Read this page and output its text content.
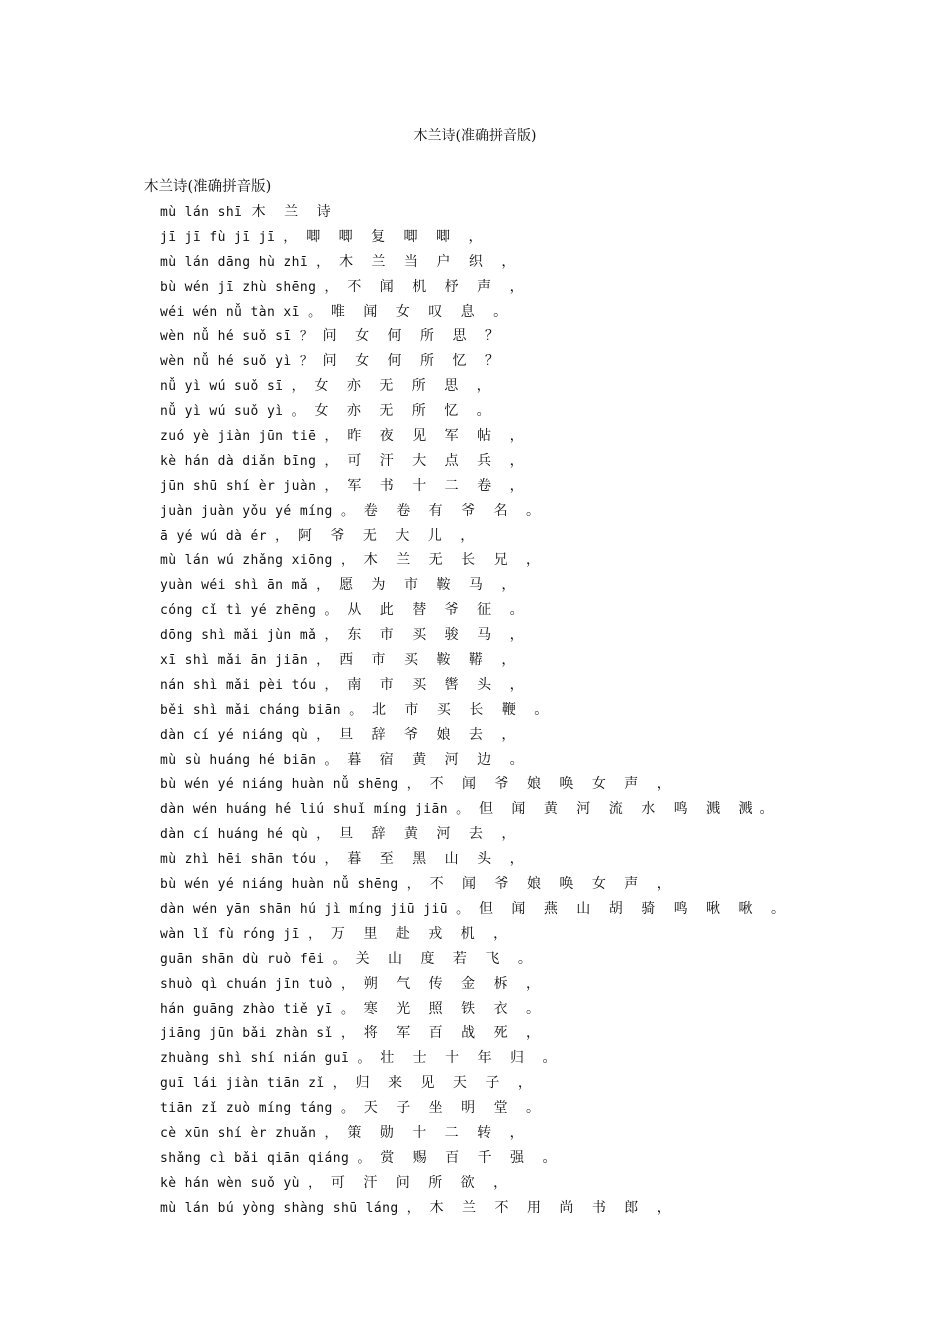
木兰诗(准确拼音版)
木兰诗(准确拼音版)
mù lán shī 木 兰 诗
jī jī fù jī jī ， 唧 唧 复 唧 唧 ，
mù lán dāng hù zhī ， 木 兰 当 户 织 ，
bù wén jī zhù shēng ， 不 闻 机 杼 声 ，
wéi wén nǚ tàn xī 。 唯 闻 女 叹 息 。
wèn nǚ hé suǒ sī ？ 问 女 何 所 思 ？
wèn nǚ hé suǒ yì ？ 问 女 何 所 忆 ？
nǚ yì wú suǒ sī ， 女 亦 无 所 思 ，
nǚ yì wú suǒ yì 。 女 亦 无 所 忆 。
zuó yè jiàn jūn tiē ， 昨 夜 见 军 帖 ，
kè hán dà diǎn bīng ， 可 汗 大 点 兵 ，
jūn shū shí èr juàn ， 军 书 十 二 卷 ，
juàn juàn yǒu yé míng 。 卷 卷 有 爷 名 。
ā yé wú dà ér ， 阿 爷 无 大 儿 ，
mù lán wú zhǎng xiōng ， 木 兰 无 长 兄 ，
yuàn wéi shì ān mǎ ， 愿 为 市 鞍 马 ，
cóng cǐ tì yé zhēng 。 从 此 替 爷 征 。
dōng shì mǎi jùn mǎ ， 东 市 买 骏 马 ，
xī shì mǎi ān jiān ， 西 市 买 鞍 鞯 ，
nán shì mǎi pèi tóu ， 南 市 买 辔 头 ，
běi shì mǎi cháng biān 。 北 市 买 长 鞭 。
dàn cí yé niáng qù ， 旦 辞 爷 娘 去 ，
mù sù huáng hé biān 。 暮 宿 黄 河 边 。
bù wén yé niáng huàn nǚ shēng ， 不 闻 爷 娘 唤 女 声 ，
dàn wén huáng hé liú shuǐ míng jiān 。 但 闻 黄 河 流 水 鸣 溅 溅。
dàn cí huáng hé qù ， 旦 辞 黄 河 去 ，
mù zhì hēi shān tóu ， 暮 至 黑 山 头 ，
bù wén yé niáng huàn nǚ shēng ， 不 闻 爷 娘 唤 女 声 ，
dàn wén yān shān hú jì míng jiū jiū 。 但 闻 燕 山 胡 骑 鸣 啾 啾 。
wàn lǐ fù róng jī ， 万 里 赴 戎 机 ，
guān shān dù ruò fēi 。 关 山 度 若 飞 。
shuò qì chuán jīn tuò ， 朔 气 传 金 柝 ，
hán guāng zhào tiě yī 。 寒 光 照 铁 衣 。
jiāng jūn bǎi zhàn sǐ ， 将 军 百 战 死 ，
zhuàng shì shí nián guī 。 壮 士 十 年 归 。
guī lái jiàn tiān zǐ ， 归 来 见 天 子 ，
tiān zǐ zuò míng táng 。 天 子 坐 明 堂 。
cè xūn shí èr zhuǎn ， 策 勋 十 二 转 ，
shǎng cì bǎi qiān qiáng 。 赏 赐 百 千 强 。
kè hán wèn suǒ yù ， 可 汗 问 所 欲 ，
mù lán bú yòng shàng shū láng ， 木 兰 不 用 尚 书 郎 ，
